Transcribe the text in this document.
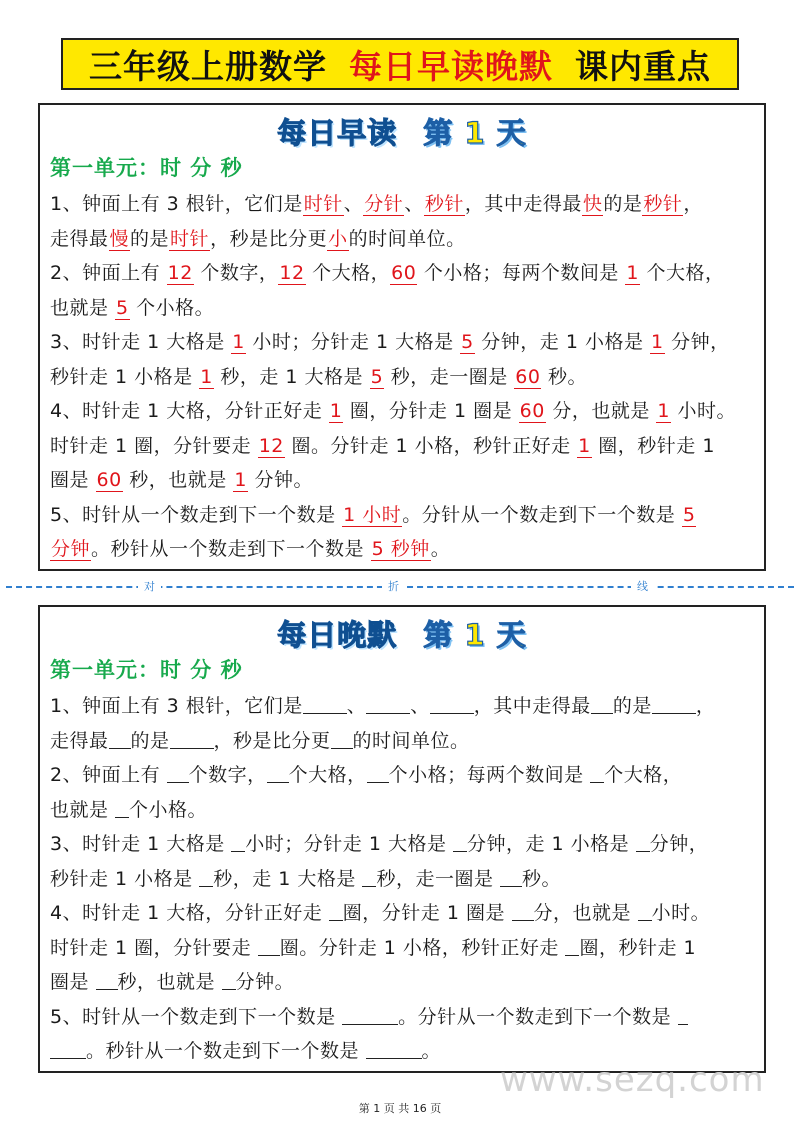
三年级上册数学 每日早读晚默 课内重点
每日早读 第 1 天
第一单元：时 分 秒
1、钟面上有 3 根针，它们是时针、分针、秒针，其中走得最快的是秒针，
走得最慢的是时针，秒是比分更小的时间单位。
2、钟面上有 12 个数字，12 个大格，60 个小格；每两个数间是 1 个大格，
也就是 5 个小格。
3、时针走 1 大格是 1 小时；分针走 1 大格是 5 分钟，走 1 小格是 1 分钟，
秒针走 1 小格是 1 秒，走 1 大格是 5 秒，走一圈是 60 秒。
4、时针走 1 大格，分针正好走 1 圈，分针走 1 圈是 60 分，也就是 1 小时。
时针走 1 圈，分针要走 12 圈。分针走 1 小格，秒针正好走 1 圈，秒针走 1
圈是 60 秒，也就是 1 分钟。
5、时针从一个数走到下一个数是 1 小时。分针从一个数走到下一个数是 5
分钟。秒针从一个数走到下一个数是 5 秒钟。
对	折	线
每日晚默 第 1 天
第一单元：时 分 秒
1、钟面上有 3 根针，它们是 、 、 ，其中走得最 的是 ，
走得最 的是 ，秒是比分更 的时间单位。
2、钟面上有 个数字， 个大格， 个小格；每两个数间是 个大格，
也就是 个小格。
3、时针走 1 大格是 小时；分针走 1 大格是 分钟，走 1 小格是 分钟，
秒针走 1 小格是 秒，走 1 大格是 秒，走一圈是 秒。
4、时针走 1 大格，分针正好走 圈，分针走 1 圈是 分，也就是 小时。
时针走 1 圈，分针要走 圈。分针走 1 小格，秒针正好走 圈，秒针走 1
圈是 秒，也就是 分钟。
5、时针从一个数走到下一个数是	。分针从一个数走到下一个数是
。秒针从一个数走到下一个数是	。
www.sezq.com
第 1 页 共 16 页
